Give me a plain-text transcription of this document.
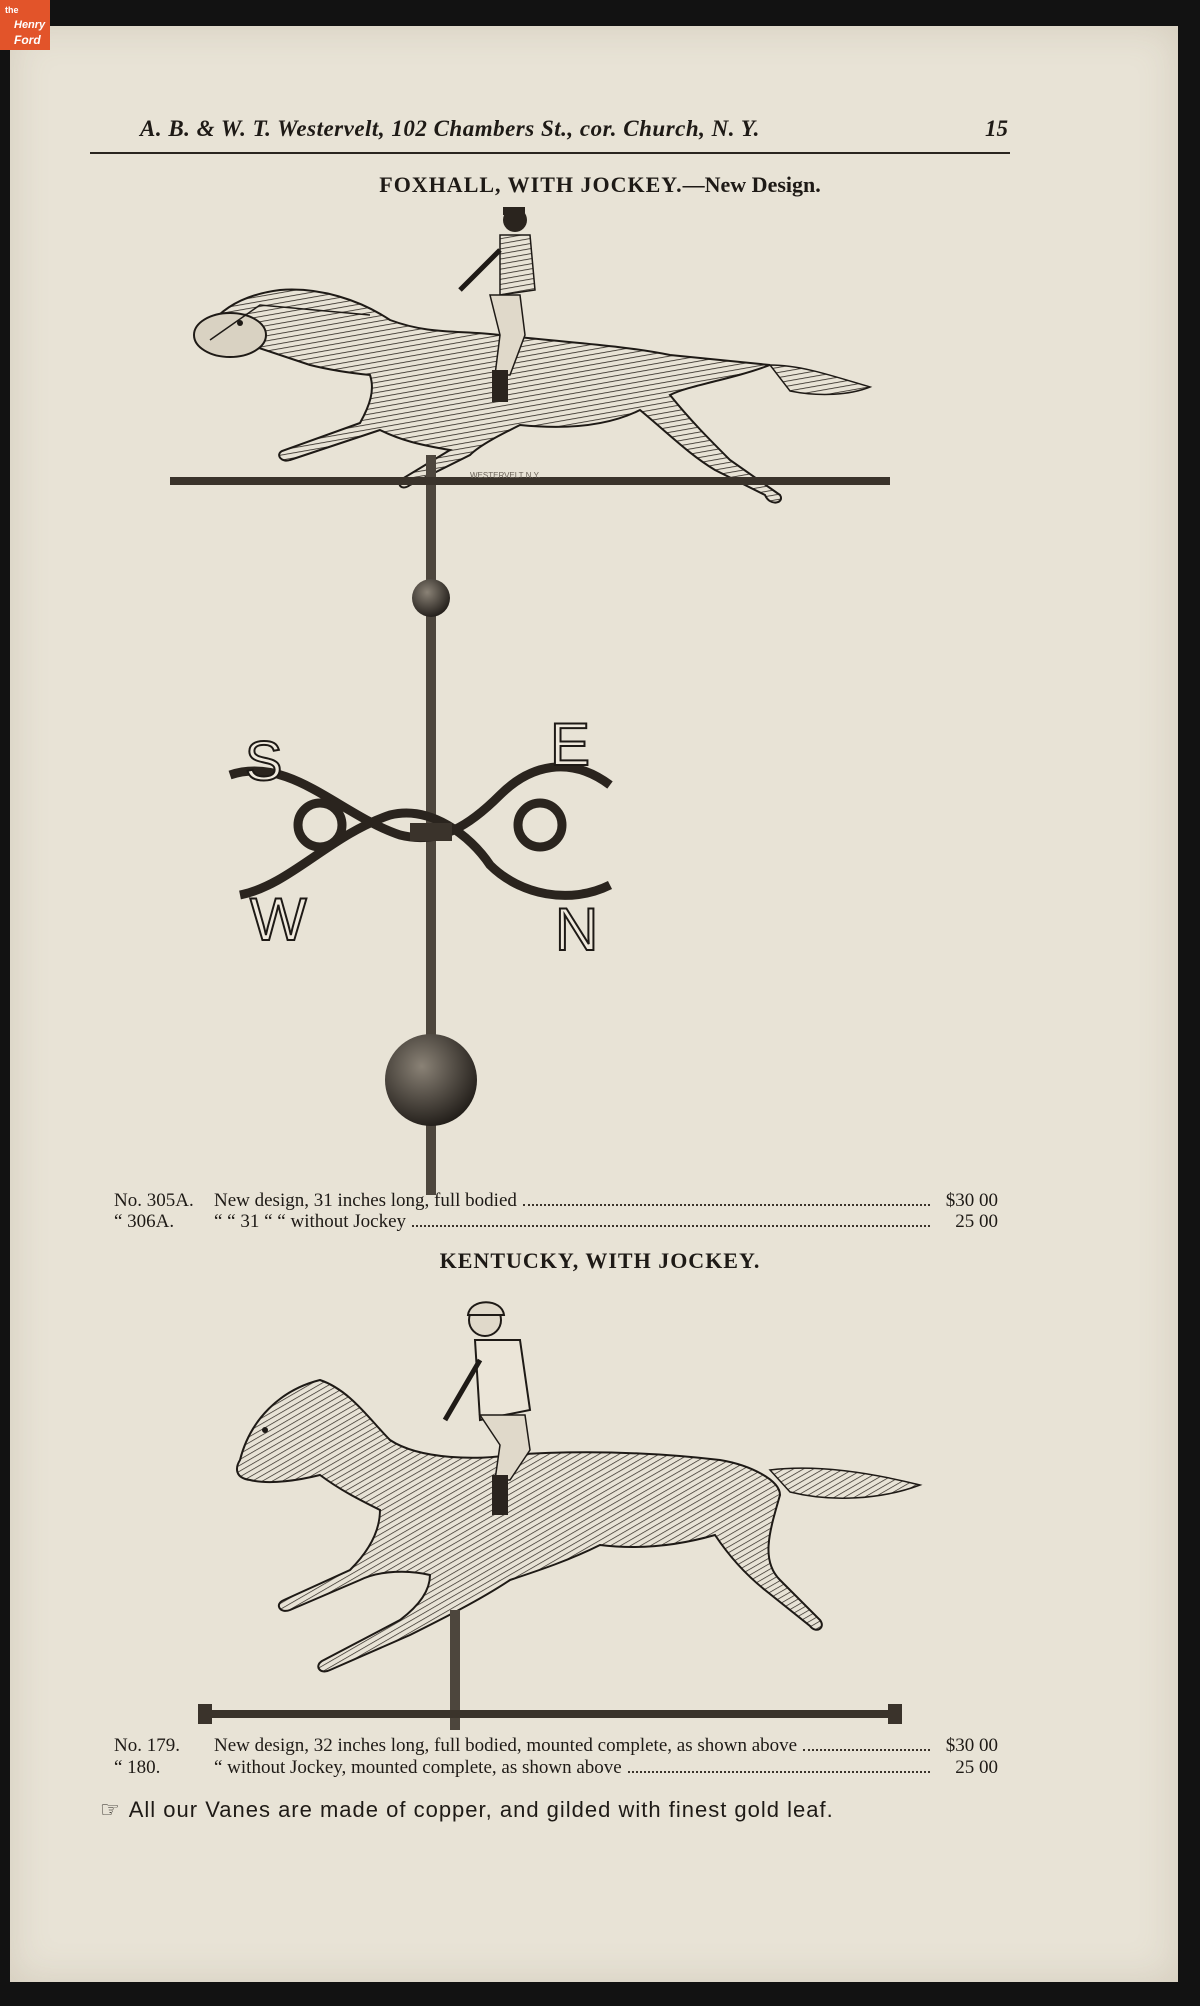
the
Henry
Ford
A. B. & W. T. Westervelt, 102 Chambers St., cor. Church, N. Y.	15
FOXHALL, WITH JOCKEY.—New Design.
WESTERVELT N.Y.
S	E
W	N
No. 305A.	New design, 31 inches long, full bodied	$30 00
“ 306A.	“ “ 31 “ “ without Jockey	25 00
KENTUCKY, WITH JOCKEY.
No. 179.	New design, 32 inches long, full bodied, mounted complete, as shown above	$30 00
“ 180.	“ without Jockey, mounted complete, as shown above	25 00
☞ All our Vanes are made of copper, and gilded with finest gold leaf.
